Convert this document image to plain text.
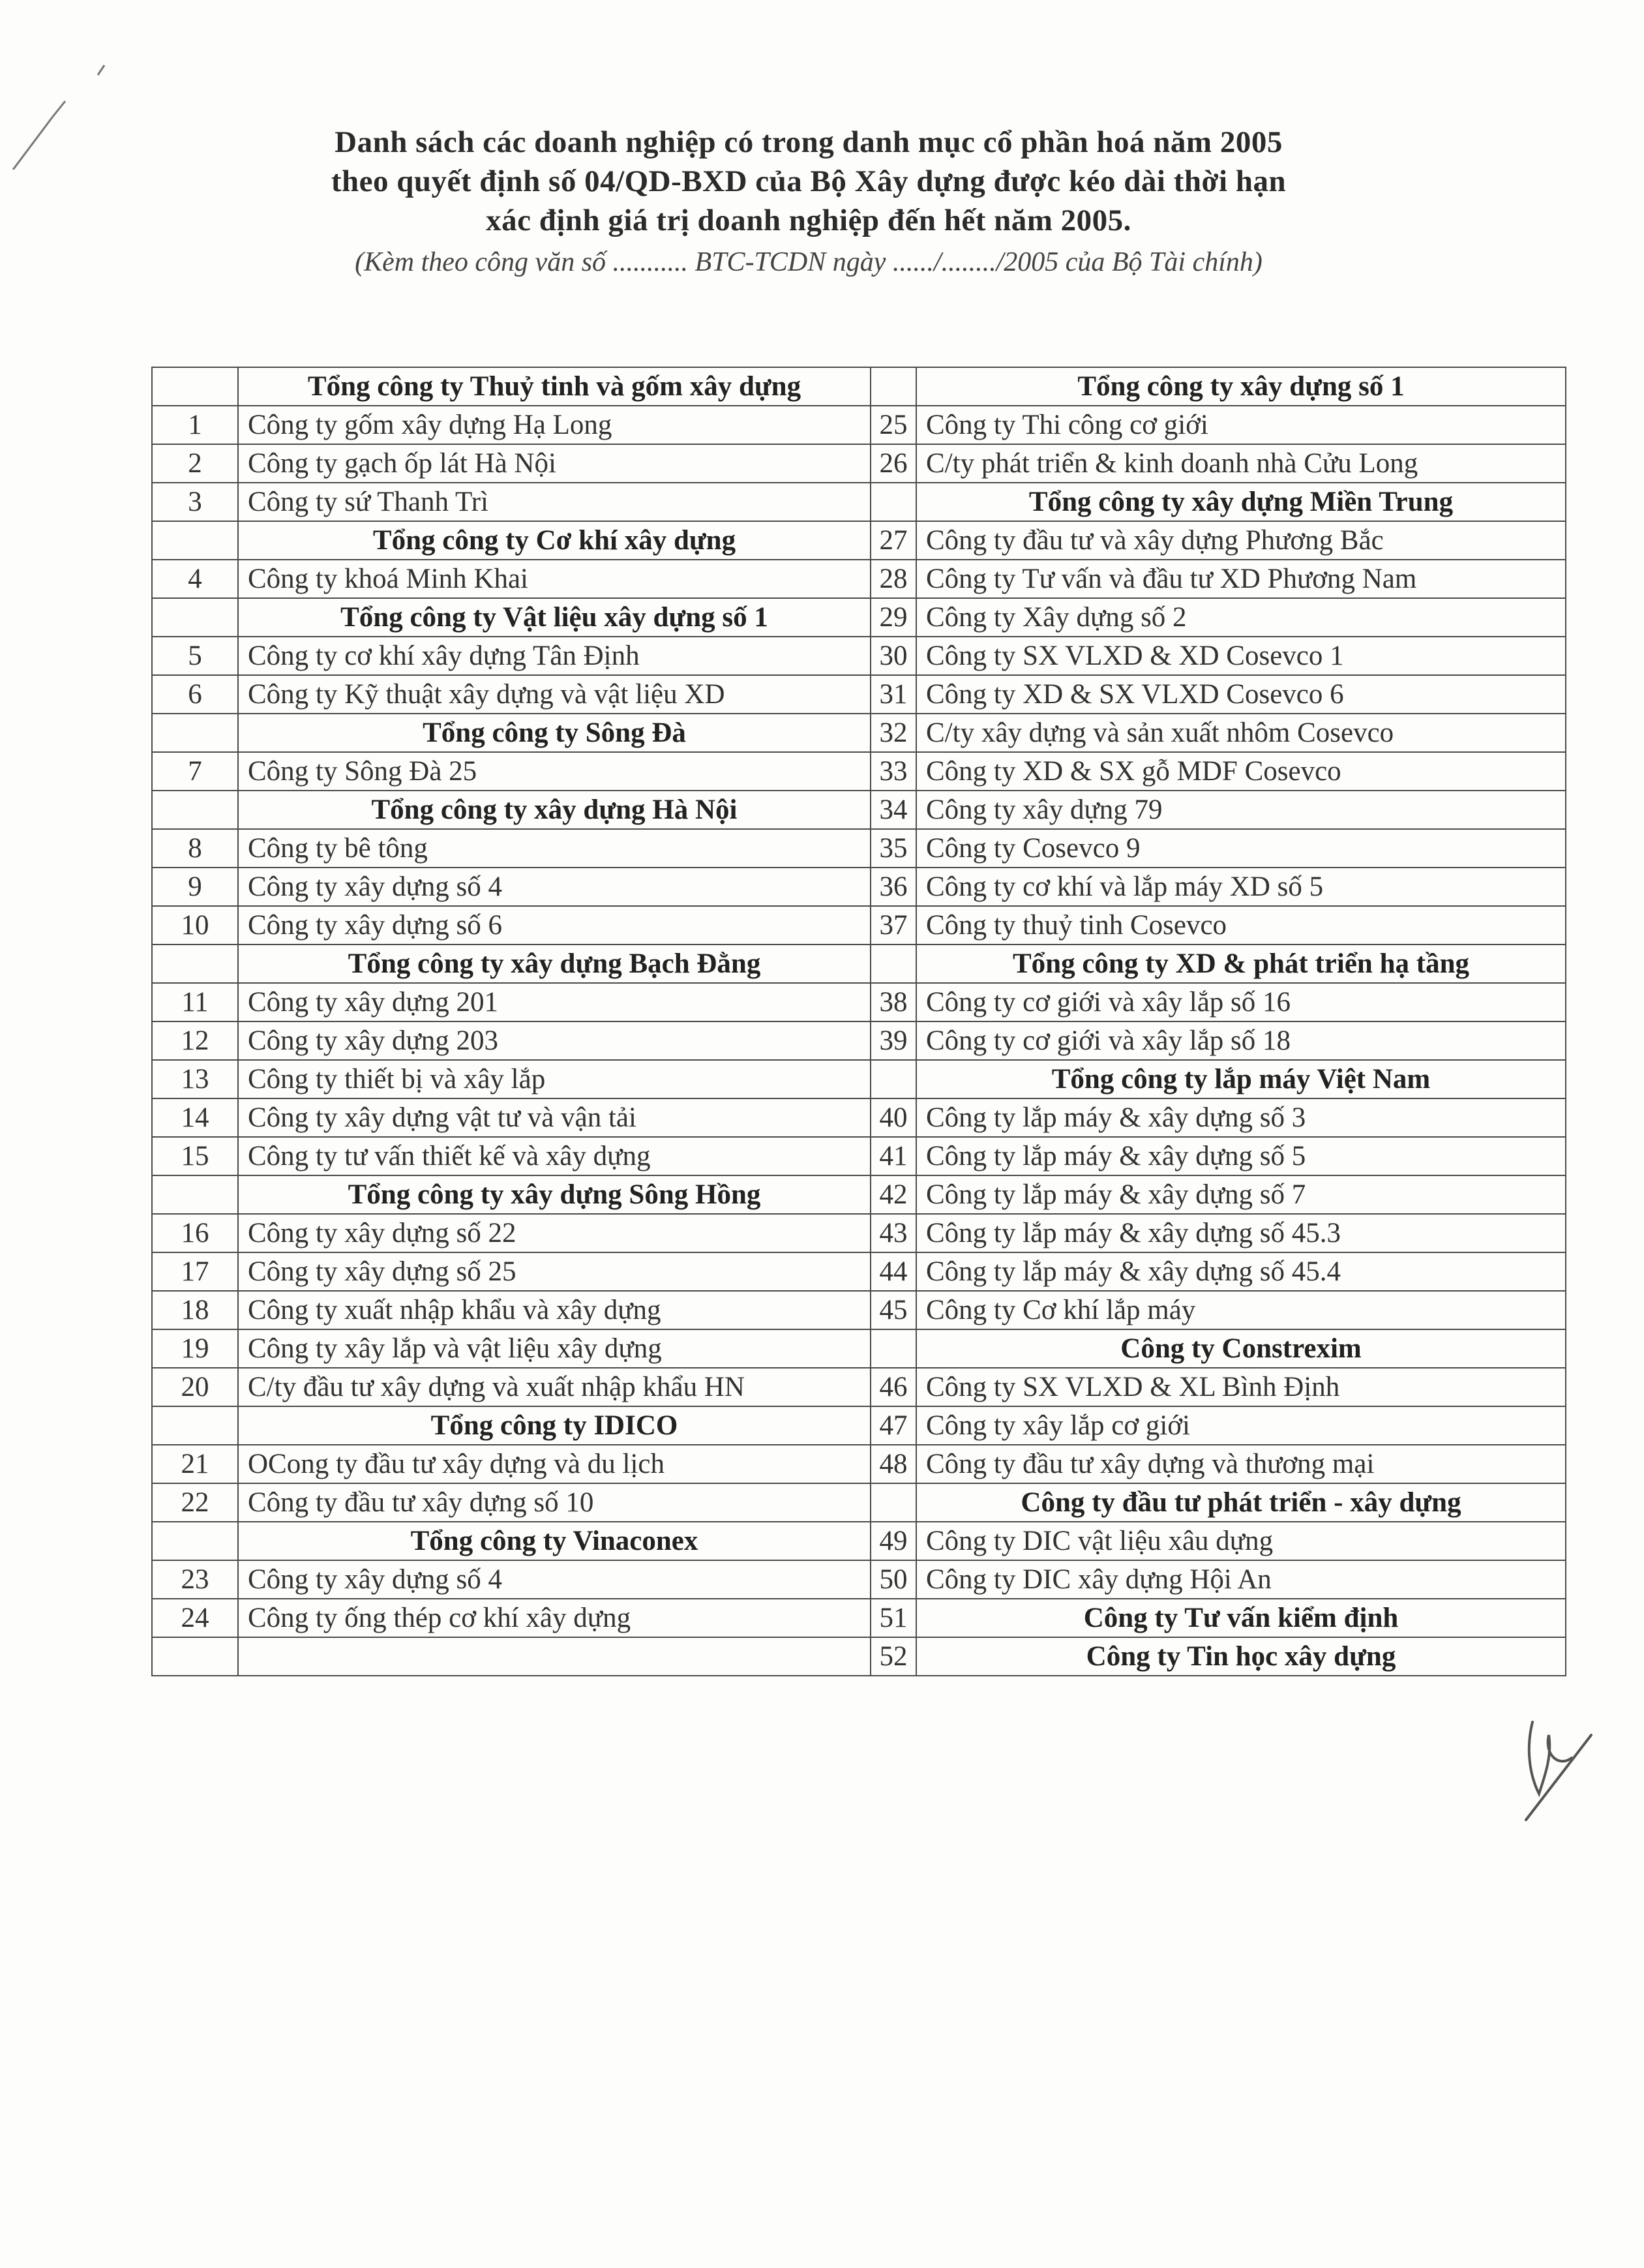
Danh sách các doanh nghiệp có trong danh mục cổ phần hoá năm 2005
theo quyết định số 04/QD-BXD của Bộ Xây dựng được kéo dài thời hạn
xác định giá trị doanh nghiệp đến hết năm 2005.
(Kèm theo công văn số ........... BTC-TCDN ngày ....../......../2005 của Bộ Tài chính)
	Tổng công ty Thuỷ tinh và gốm xây dựng		Tổng công ty xây dựng số 1
1	Công ty gốm xây dựng Hạ Long	25	Công ty Thi công cơ giới
2	Công ty gạch ốp lát Hà Nội	26	C/ty phát triển & kinh doanh nhà Cửu Long
3	Công ty sứ Thanh Trì		Tổng công ty xây dựng Miền Trung
	Tổng công ty Cơ khí xây dựng	27	Công ty đầu tư và xây dựng Phương Bắc
4	Công ty khoá Minh Khai	28	Công ty Tư vấn và đầu tư XD Phương Nam
	Tổng công ty Vật liệu xây dựng số 1	29	Công ty Xây dựng số 2
5	Công ty cơ khí xây dựng Tân Định	30	Công ty SX VLXD & XD Cosevco 1
6	Công ty Kỹ thuật xây dựng và vật liệu XD	31	Công ty XD & SX VLXD Cosevco 6
	Tổng công ty Sông Đà	32	C/ty xây dựng và sản xuất nhôm Cosevco
7	Công ty Sông Đà 25	33	Công ty XD & SX gỗ MDF Cosevco
	Tổng công ty xây dựng Hà Nội	34	Công ty xây dựng 79
8	Công ty bê tông	35	Công ty Cosevco 9
9	Công ty xây dựng số 4	36	Công ty cơ khí và lắp máy XD số 5
10	Công ty xây dựng số 6	37	Công ty thuỷ tinh Cosevco
	Tổng công ty xây dựng Bạch Đằng		Tổng công ty XD & phát triển hạ tầng
11	Công ty xây dựng 201	38	Công ty cơ giới và xây lắp số 16
12	Công ty xây dựng 203	39	Công ty cơ giới và xây lắp số 18
13	Công ty thiết bị và xây lắp		Tổng công ty lắp máy Việt Nam
14	Công ty xây dựng vật tư và vận tải	40	Công ty lắp máy & xây dựng số 3
15	Công ty tư vấn thiết kế và xây dựng	41	Công ty lắp máy & xây dựng số 5
	Tổng công ty xây dựng Sông Hồng	42	Công ty lắp máy & xây dựng số 7
16	Công ty xây dựng số 22	43	Công ty lắp máy & xây dựng số 45.3
17	Công ty xây dựng số 25	44	Công ty lắp máy & xây dựng số 45.4
18	Công ty xuất nhập khẩu và xây dựng	45	Công ty Cơ khí lắp máy
19	Công ty xây lắp và vật liệu xây dựng		Công ty Constrexim
20	C/ty đầu tư xây dựng và xuất nhập khẩu HN	46	Công ty SX VLXD & XL Bình Định
	Tổng công ty IDICO	47	Công ty xây lắp cơ giới
21	OCong ty đầu tư xây dựng và du lịch	48	Công ty đầu tư xây dựng và thương mại
22	Công ty đầu tư xây dựng số 10		Công ty đầu tư phát triển - xây dựng
	Tổng công ty Vinaconex	49	Công ty DIC vật liệu xâu dựng
23	Công ty xây dựng số 4	50	Công ty DIC xây dựng Hội An
24	Công ty ống thép cơ khí xây dựng	51	Công ty Tư vấn kiểm định
		52	Công ty Tin học xây dựng
